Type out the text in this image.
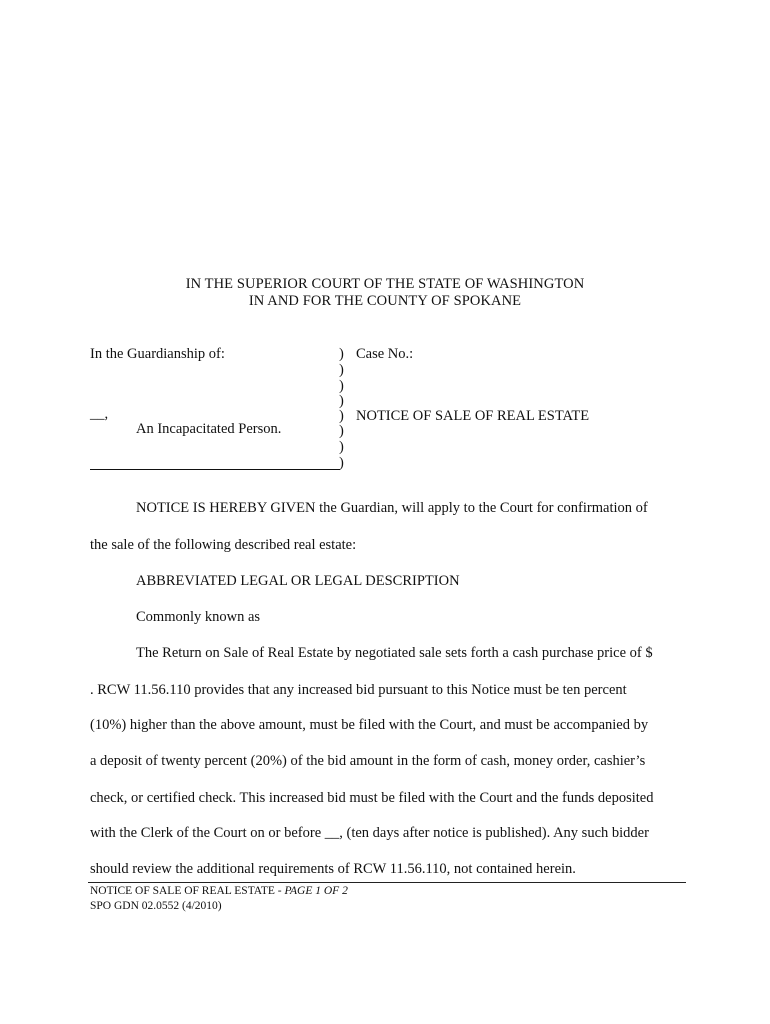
IN THE SUPERIOR COURT OF THE STATE OF WASHINGTON
IN AND FOR THE COUNTY OF SPOKANE
In the Guardianship of:
__,
An Incapacitated Person.
)
)
)
)
)
)
)
)
Case No.:
NOTICE OF SALE OF REAL ESTATE
NOTICE IS HEREBY GIVEN the Guardian, will apply to the Court for confirmation of
the sale of the following described real estate:
ABBREVIATED LEGAL OR LEGAL DESCRIPTION
Commonly known as
The Return on Sale of Real Estate by negotiated sale sets forth a cash purchase price of $
. RCW 11.56.110 provides that any increased bid pursuant to this Notice must be ten percent
(10%) higher than the above amount, must be filed with the Court, and must be accompanied by
a deposit of twenty percent (20%) of the bid amount in the form of cash, money order, cashier’s
check, or certified check. This increased bid must be filed with the Court and the funds deposited
with the Clerk of the Court on or before __, (ten days after notice is published). Any such bidder
should review the additional requirements of RCW 11.56.110, not contained herein.
NOTICE OF SALE OF REAL ESTATE - PAGE 1 OF 2
SPO GDN 02.0552 (4/2010)
